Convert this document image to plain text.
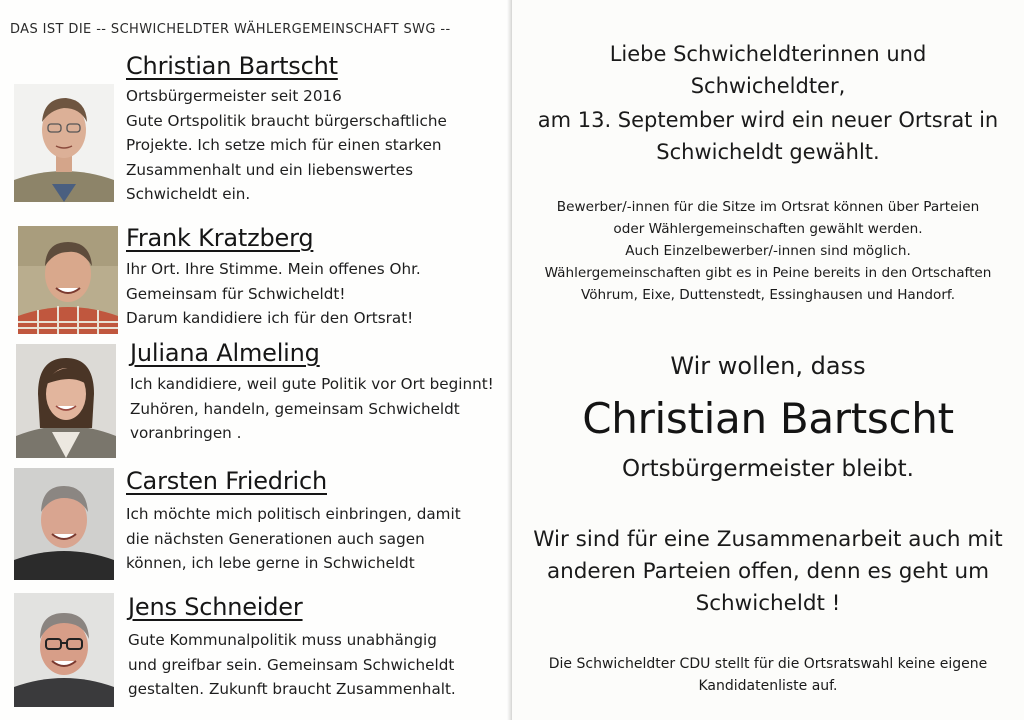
DAS IST DIE -- SCHWICHELDTER WÄHLERGEMEINSCHAFT SWG --
Christian Bartscht
Ortsbürgermeister seit 2016
Gute Ortspolitik braucht bürgerschaftliche
Projekte. Ich setze mich für einen starken
Zusammenhalt und ein liebenswertes
Schwicheldt ein.
Frank Kratzberg
Ihr Ort. Ihre Stimme. Mein offenes Ohr.
Gemeinsam für Schwicheldt!
Darum kandidiere ich für den Ortsrat!
Juliana Almeling
Ich kandidiere, weil gute Politik vor Ort beginnt!
Zuhören, handeln, gemeinsam Schwicheldt
voranbringen .
Carsten Friedrich
Ich möchte mich politisch einbringen, damit
die nächsten Generationen auch sagen
können, ich lebe gerne in Schwicheldt
Jens Schneider
Gute Kommunalpolitik muss unabhängig
und greifbar sein. Gemeinsam Schwicheldt
gestalten. Zukunft braucht Zusammenhalt.
Liebe Schwicheldterinnen und
Schwicheldter,
am 13. September wird ein neuer Ortsrat in
Schwicheldt gewählt.
Bewerber/-innen für die Sitze im Ortsrat können über Parteien
oder Wählergemeinschaften gewählt werden.
Auch Einzelbewerber/-innen sind möglich.
Wählergemeinschaften gibt es in Peine bereits in den Ortschaften
Vöhrum, Eixe, Duttenstedt, Essinghausen und Handorf.
Wir wollen, dass
Christian Bartscht
Ortsbürgermeister bleibt.
Wir sind für eine Zusammenarbeit auch mit
anderen Parteien offen, denn es geht um
Schwicheldt !
Die Schwicheldter CDU stellt für die Ortsratswahl keine eigene
Kandidatenliste auf.
